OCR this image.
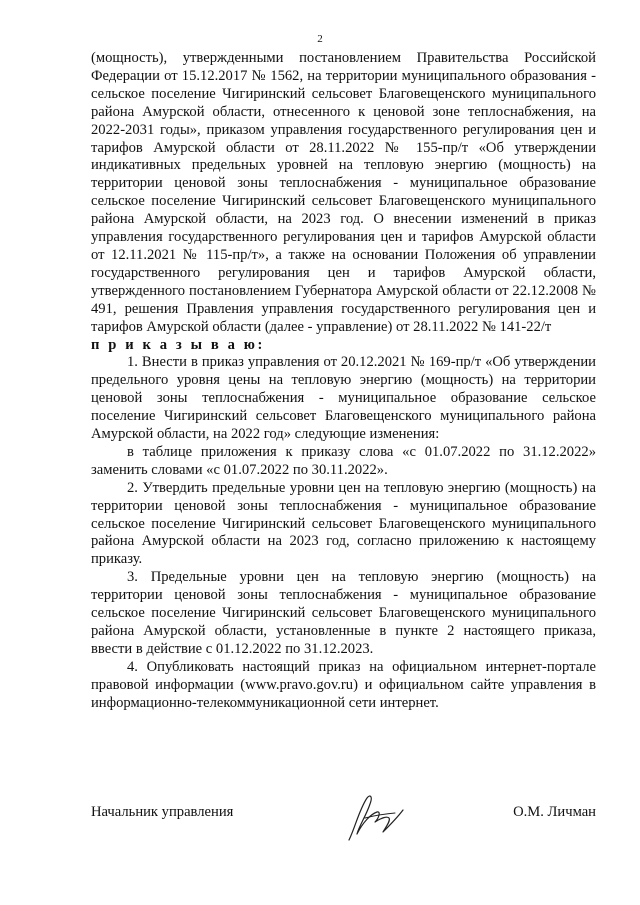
2

(мощность), утвержденными постановлением Правительства Российской Федерации от 15.12.2017 № 1562, на территории муниципального образования - сельское поселение Чигиринский сельсовет Благовещенского муниципального района Амурской области, отнесенного к ценовой зоне теплоснабжения, на 2022-2031 годы», приказом управления государственного регулирования цен и тарифов Амурской области от 28.11.2022 № 155-пр/т «Об утверждении индикативных предельных уровней на тепловую энергию (мощность) на территории ценовой зоны теплоснабжения - муниципальное образование сельское поселение Чигиринский сельсовет Благовещенского муниципального района Амурской области, на 2023 год. О внесении изменений в приказ управления государственного регулирования цен и тарифов Амурской области от 12.11.2021 № 115-пр/т», а также на основании Положения об управлении государственного регулирования цен и тарифов Амурской области, утвержденного постановлением Губернатора Амурской области от 22.12.2008 № 491, решения Правления управления государственного регулирования цен и тарифов Амурской области (далее - управление) от 28.11.2022 № 141-22/т

п р и к а з ы в а ю:

1. Внести в приказ управления от 20.12.2021 № 169-пр/т «Об утверждении предельного уровня цены на тепловую энергию (мощность) на территории ценовой зоны теплоснабжения - муниципальное образование сельское поселение Чигиринский сельсовет Благовещенского муниципального района Амурской области, на 2022 год» следующие изменения:

в таблице приложения к приказу слова «с 01.07.2022 по 31.12.2022» заменить словами «с 01.07.2022 по 30.11.2022».

2. Утвердить предельные уровни цен на тепловую энергию (мощность) на территории ценовой зоны теплоснабжения - муниципальное образование сельское поселение Чигиринский сельсовет Благовещенского муниципального района Амурской области на 2023 год, согласно приложению к настоящему приказу.

3. Предельные уровни цен на тепловую энергию (мощность) на территории ценовой зоны теплоснабжения - муниципальное образование сельское поселение Чигиринский сельсовет Благовещенского муниципального района Амурской области, установленные в пункте 2 настоящего приказа, ввести в действие с 01.12.2022 по 31.12.2023.

4. Опубликовать настоящий приказ на официальном интернет-портале правовой информации (www.pravo.gov.ru) и официальном сайте управления в информационно-телекоммуникационной сети интернет.

Начальник управления	О.М. Личман
